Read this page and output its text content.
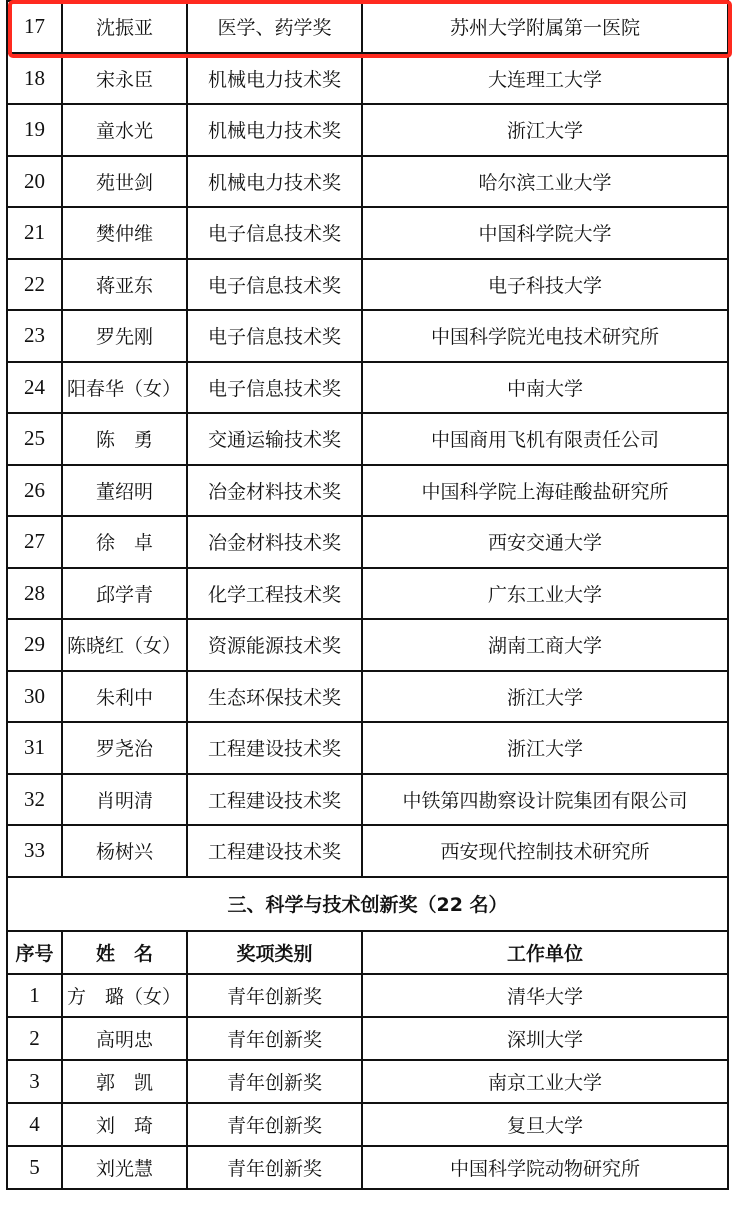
17	沈振亚	医学、药学奖	苏州大学附属第一医院
18	宋永臣	机械电力技术奖	大连理工大学
19	童水光	机械电力技术奖	浙江大学
20	苑世剑	机械电力技术奖	哈尔滨工业大学
21	樊仲维	电子信息技术奖	中国科学院大学
22	蒋亚东	电子信息技术奖	电子科技大学
23	罗先刚	电子信息技术奖	中国科学院光电技术研究所
24	阳春华（女）	电子信息技术奖	中南大学
25	陈　勇	交通运输技术奖	中国商用飞机有限责任公司
26	董绍明	冶金材料技术奖	中国科学院上海硅酸盐研究所
27	徐　卓	冶金材料技术奖	西安交通大学
28	邱学青	化学工程技术奖	广东工业大学
29	陈晓红（女）	资源能源技术奖	湖南工商大学
30	朱利中	生态环保技术奖	浙江大学
31	罗尧治	工程建设技术奖	浙江大学
32	肖明清	工程建设技术奖	中铁第四勘察设计院集团有限公司
33	杨树兴	工程建设技术奖	西安现代控制技术研究所
三、科学与技术创新奖（22 名）			
序号	姓　名	奖项类别	工作单位
1	方　璐（女）	青年创新奖	清华大学
2	高明忠	青年创新奖	深圳大学
3	郭　凯	青年创新奖	南京工业大学
4	刘　琦	青年创新奖	复旦大学
5	刘光慧	青年创新奖	中国科学院动物研究所
